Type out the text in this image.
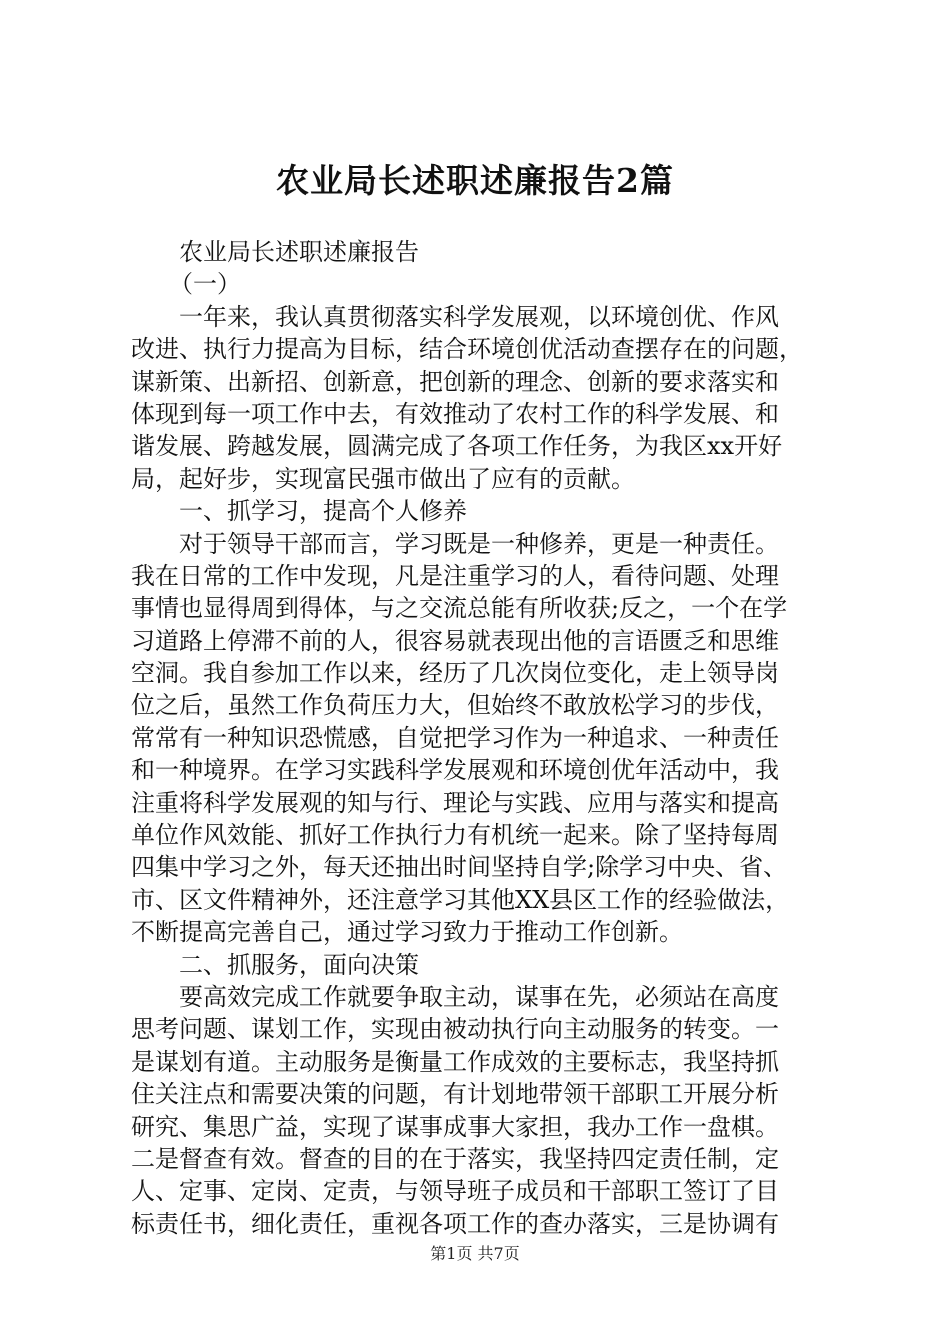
农业局长述职述廉报告2篇

农业局长述职述廉报告

（一）

一年来，我认真贯彻落实科学发展观，以环境创优、作风

改进、执行力提高为目标，结合环境创优活动查摆存在的问题，

谋新策、出新招、创新意，把创新的理念、创新的要求落实和

体现到每一项工作中去，有效推动了农村工作的科学发展、和

谐发展、跨越发展，圆满完成了各项工作任务，为我区xx开好

局，起好步，实现富民强市做出了应有的贡献。

一、抓学习，提高个人修养

对于领导干部而言，学习既是一种修养，更是一种责任。

我在日常的工作中发现，凡是注重学习的人，看待问题、处理

事情也显得周到得体，与之交流总能有所收获;反之，一个在学

习道路上停滞不前的人，很容易就表现出他的言语匮乏和思维

空洞。我自参加工作以来，经历了几次岗位变化，走上领导岗

位之后，虽然工作负荷压力大，但始终不敢放松学习的步伐，

常常有一种知识恐慌感，自觉把学习作为一种追求、一种责任

和一种境界。在学习实践科学发展观和环境创优年活动中，我

注重将科学发展观的知与行、理论与实践、应用与落实和提高

单位作风效能、抓好工作执行力有机统一起来。除了坚持每周

四集中学习之外，每天还抽出时间坚持自学;除学习中央、省、

市、区文件精神外，还注意学习其他XX县区工作的经验做法，

不断提高完善自己，通过学习致力于推动工作创新。

二、抓服务，面向决策

要高效完成工作就要争取主动，谋事在先，必须站在高度

思考问题、谋划工作，实现由被动执行向主动服务的转变。一

是谋划有道。主动服务是衡量工作成效的主要标志，我坚持抓

住关注点和需要决策的问题，有计划地带领干部职工开展分析

研究、集思广益，实现了谋事成事大家担，我办工作一盘棋。

二是督查有效。督查的目的在于落实，我坚持四定责任制，定

人、定事、定岗、定责，与领导班子成员和干部职工签订了目

标责任书，细化责任，重视各项工作的查办落实，三是协调有

第1页 共7页
